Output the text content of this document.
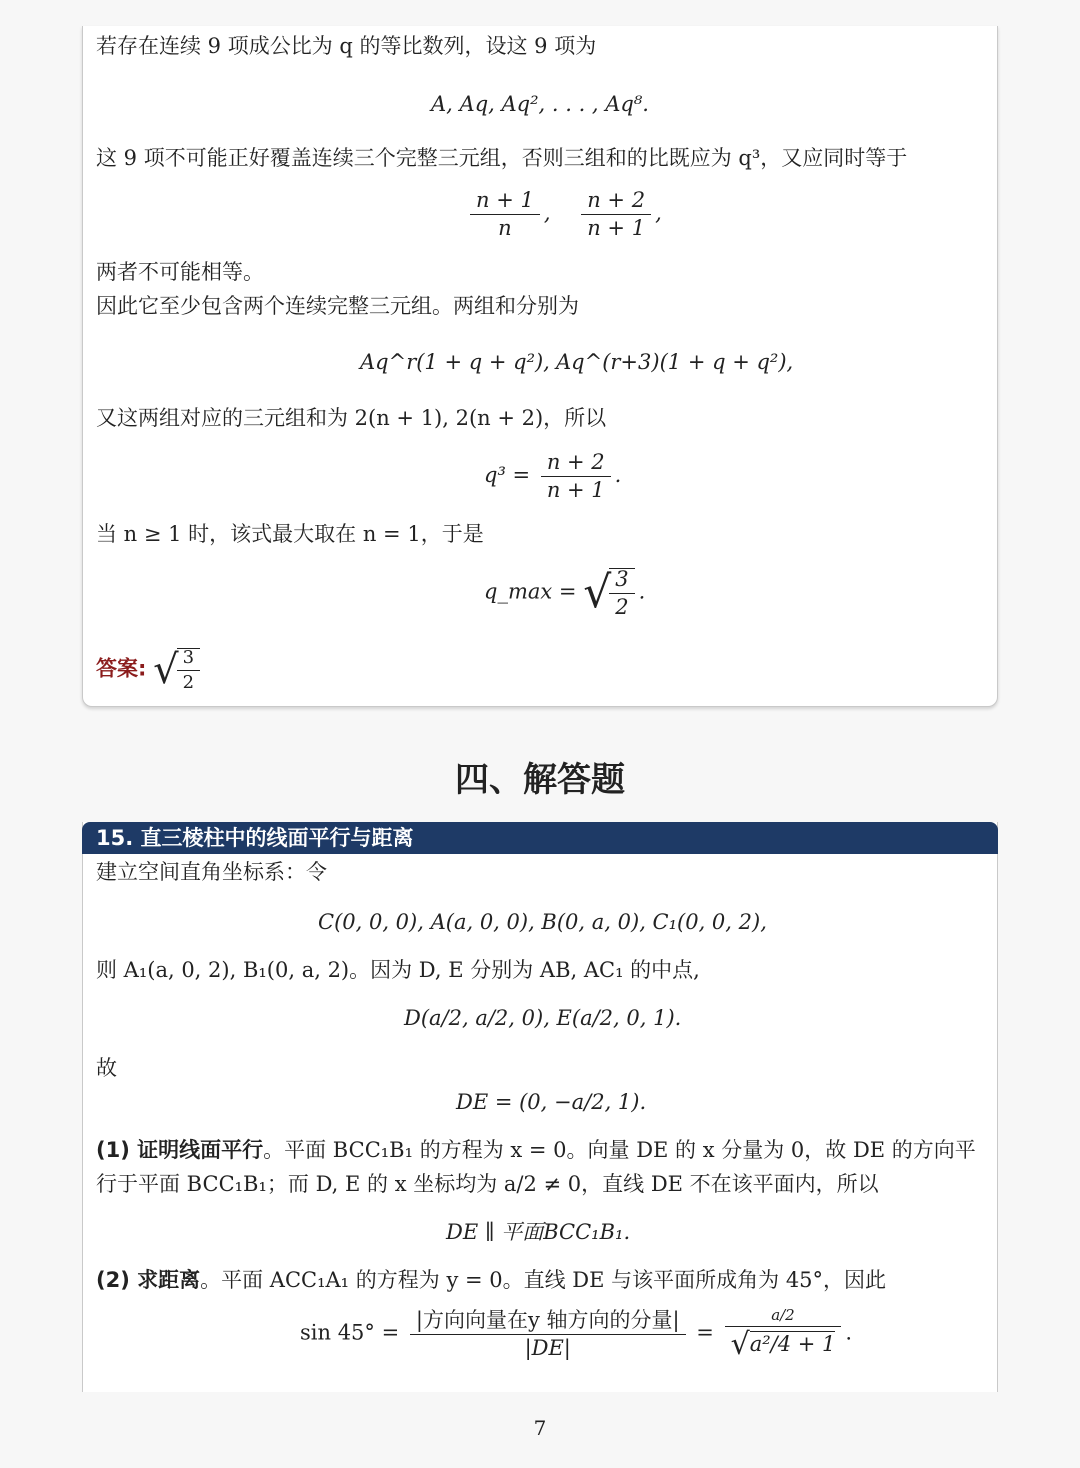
若存在连续 9 项成公比为 q 的等比数列，设这 9 项为
A, Aq, Aq², . . . , Aq⁸.
这 9 项不可能正好覆盖连续三个完整三元组，否则三组和的比既应为 q³，又应同时等于
$\frac{n + 1}{n}$ , $\frac{n + 2}{n + 1}$ ,
两者不可能相等。
因此它至少包含两个连续完整三元组。两组和分别为
Aq^r(1 + q + q²), Aq^(r+3)(1 + q + q²),
又这两组对应的三元组和为 2(n + 1), 2(n + 2)，所以
$q^3 = \frac{n + 2}{n + 1}$ .
当 n ≥ 1 时，该式最大取在 n = 1，于是
q_max = √
$\frac{3}{2}$ .
答案: √
$\frac{3}{2}$
四、解答题
15. 直三棱柱中的线面平行与距离
建立空间直角坐标系：令
C(0, 0, 0), A(a, 0, 0), B(0, a, 0), C₁(0, 0, 2),
则 A₁(a, 0, 2), B₁(0, a, 2)。因为 D, E 分别为 AB, AC₁ 的中点,
D(a/2, a/2, 0), E(a/2, 0, 1).
故
DE = (0, −a/2, 1).
(1) 证明线面平行。平面 BCC₁B₁ 的方程为 x = 0。向量 DE 的 x 分量为 0，故 DE 的方向平
行于平面 BCC₁B₁；而 D, E 的 x 坐标均为 a/2 ≠ 0，直线 DE 不在该平面内，所以
DE ∥ 平面BCC₁B₁.
(2) 求距离。平面 ACC₁A₁ 的方程为 y = 0。直线 DE 与该平面所成角为 45°，因此
$\sin 45^\circ = \frac{\text{|方向向量在y 轴方向的分量|}}{|DE|} = \frac{a/2}{\text{√a²/4 + 1}}$ .
7
